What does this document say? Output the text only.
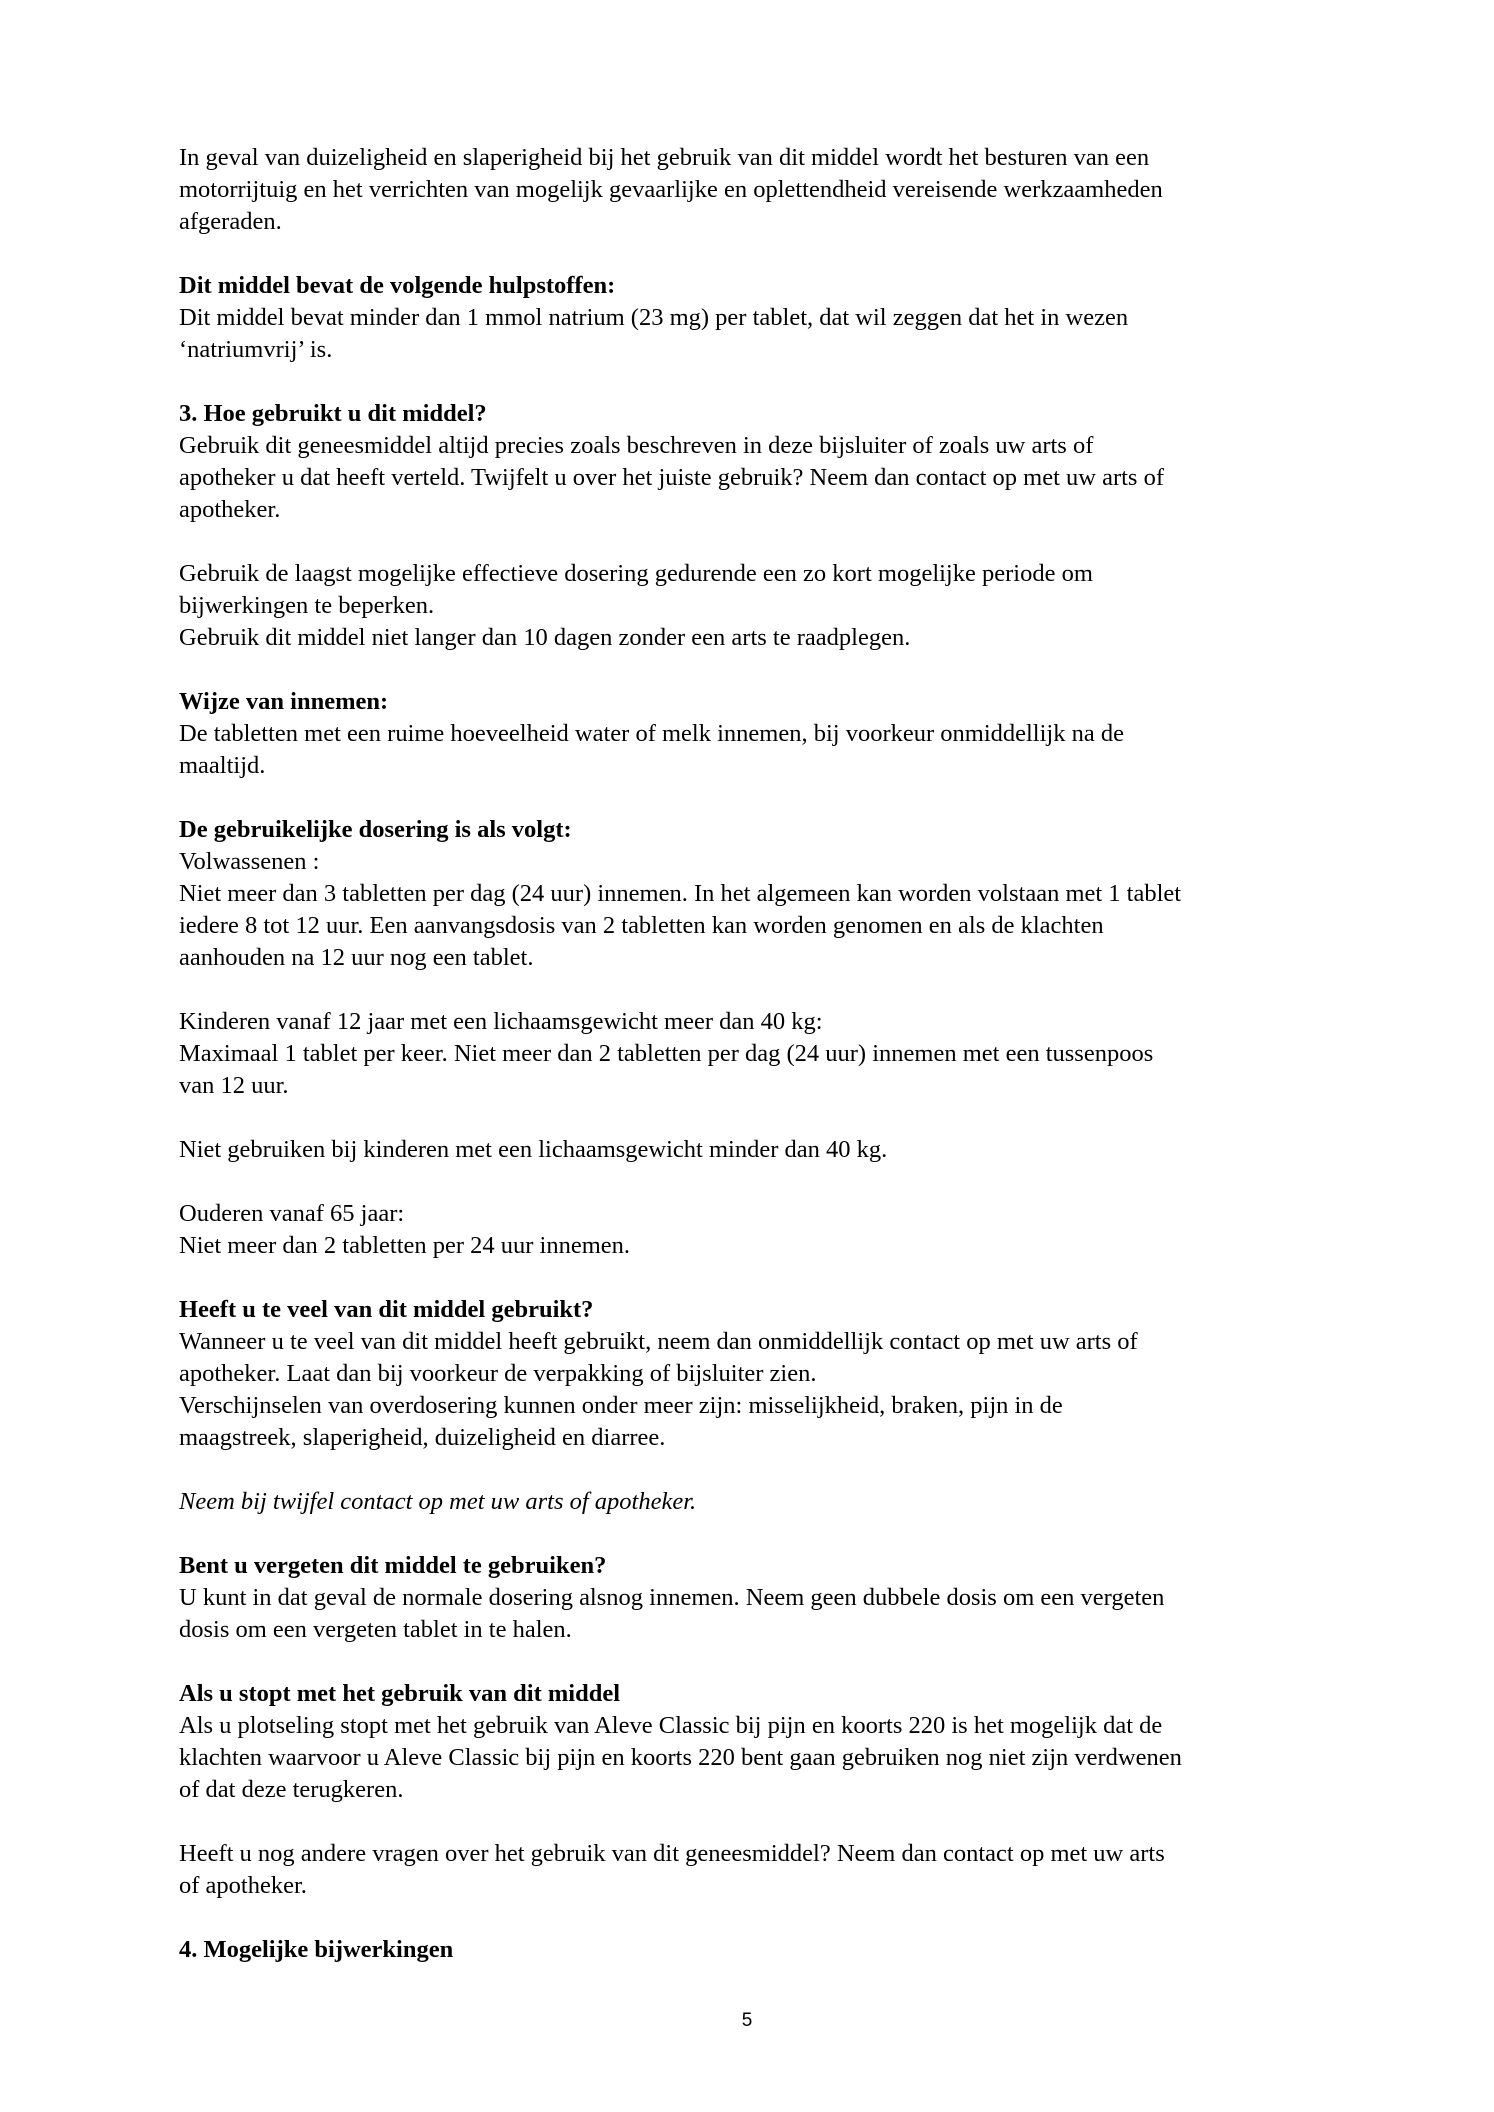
In geval van duizeligheid en slaperigheid bij het gebruik van dit middel wordt het besturen van een
motorrijtuig en het verrichten van mogelijk gevaarlijke en oplettendheid vereisende werkzaamheden
afgeraden.
Dit middel bevat de volgende hulpstoffen:
Dit middel bevat minder dan 1 mmol natrium (23 mg) per tablet, dat wil zeggen dat het in wezen
‘natriumvrij’ is.
3. Hoe gebruikt u dit middel?
Gebruik dit geneesmiddel altijd precies zoals beschreven in deze bijsluiter of zoals uw arts of
apotheker u dat heeft verteld. Twijfelt u over het juiste gebruik? Neem dan contact op met uw arts of
apotheker.
Gebruik de laagst mogelijke effectieve dosering gedurende een zo kort mogelijke periode om
bijwerkingen te beperken.
Gebruik dit middel niet langer dan 10 dagen zonder een arts te raadplegen.
Wijze van innemen:
De tabletten met een ruime hoeveelheid water of melk innemen, bij voorkeur onmiddellijk na de
maaltijd.
De gebruikelijke dosering is als volgt:
Volwassenen :
Niet meer dan 3 tabletten per dag (24 uur) innemen. In het algemeen kan worden volstaan met 1 tablet
iedere 8 tot 12 uur. Een aanvangsdosis van 2 tabletten kan worden genomen en als de klachten
aanhouden na 12 uur nog een tablet.
Kinderen vanaf 12 jaar met een lichaamsgewicht meer dan 40 kg:
Maximaal 1 tablet per keer. Niet meer dan 2 tabletten per dag (24 uur) innemen met een tussenpoos
van 12 uur.
Niet gebruiken bij kinderen met een lichaamsgewicht minder dan 40 kg.
Ouderen vanaf 65 jaar:
Niet meer dan 2 tabletten per 24 uur innemen.
Heeft u te veel van dit middel gebruikt?
Wanneer u te veel van dit middel heeft gebruikt, neem dan onmiddellijk contact op met uw arts of
apotheker. Laat dan bij voorkeur de verpakking of bijsluiter zien.
Verschijnselen van overdosering kunnen onder meer zijn: misselijkheid, braken, pijn in de
maagstreek, slaperigheid, duizeligheid en diarree.
Neem bij twijfel contact op met uw arts of apotheker.
Bent u vergeten dit middel te gebruiken?
U kunt in dat geval de normale dosering alsnog innemen. Neem geen dubbele dosis om een vergeten
dosis om een vergeten tablet in te halen.
Als u stopt met het gebruik van dit middel
Als u plotseling stopt met het gebruik van Aleve Classic bij pijn en koorts 220 is het mogelijk dat de
klachten waarvoor u Aleve Classic bij pijn en koorts 220 bent gaan gebruiken nog niet zijn verdwenen
of dat deze terugkeren.
Heeft u nog andere vragen over het gebruik van dit geneesmiddel? Neem dan contact op met uw arts
of apotheker.
4. Mogelijke bijwerkingen
5
